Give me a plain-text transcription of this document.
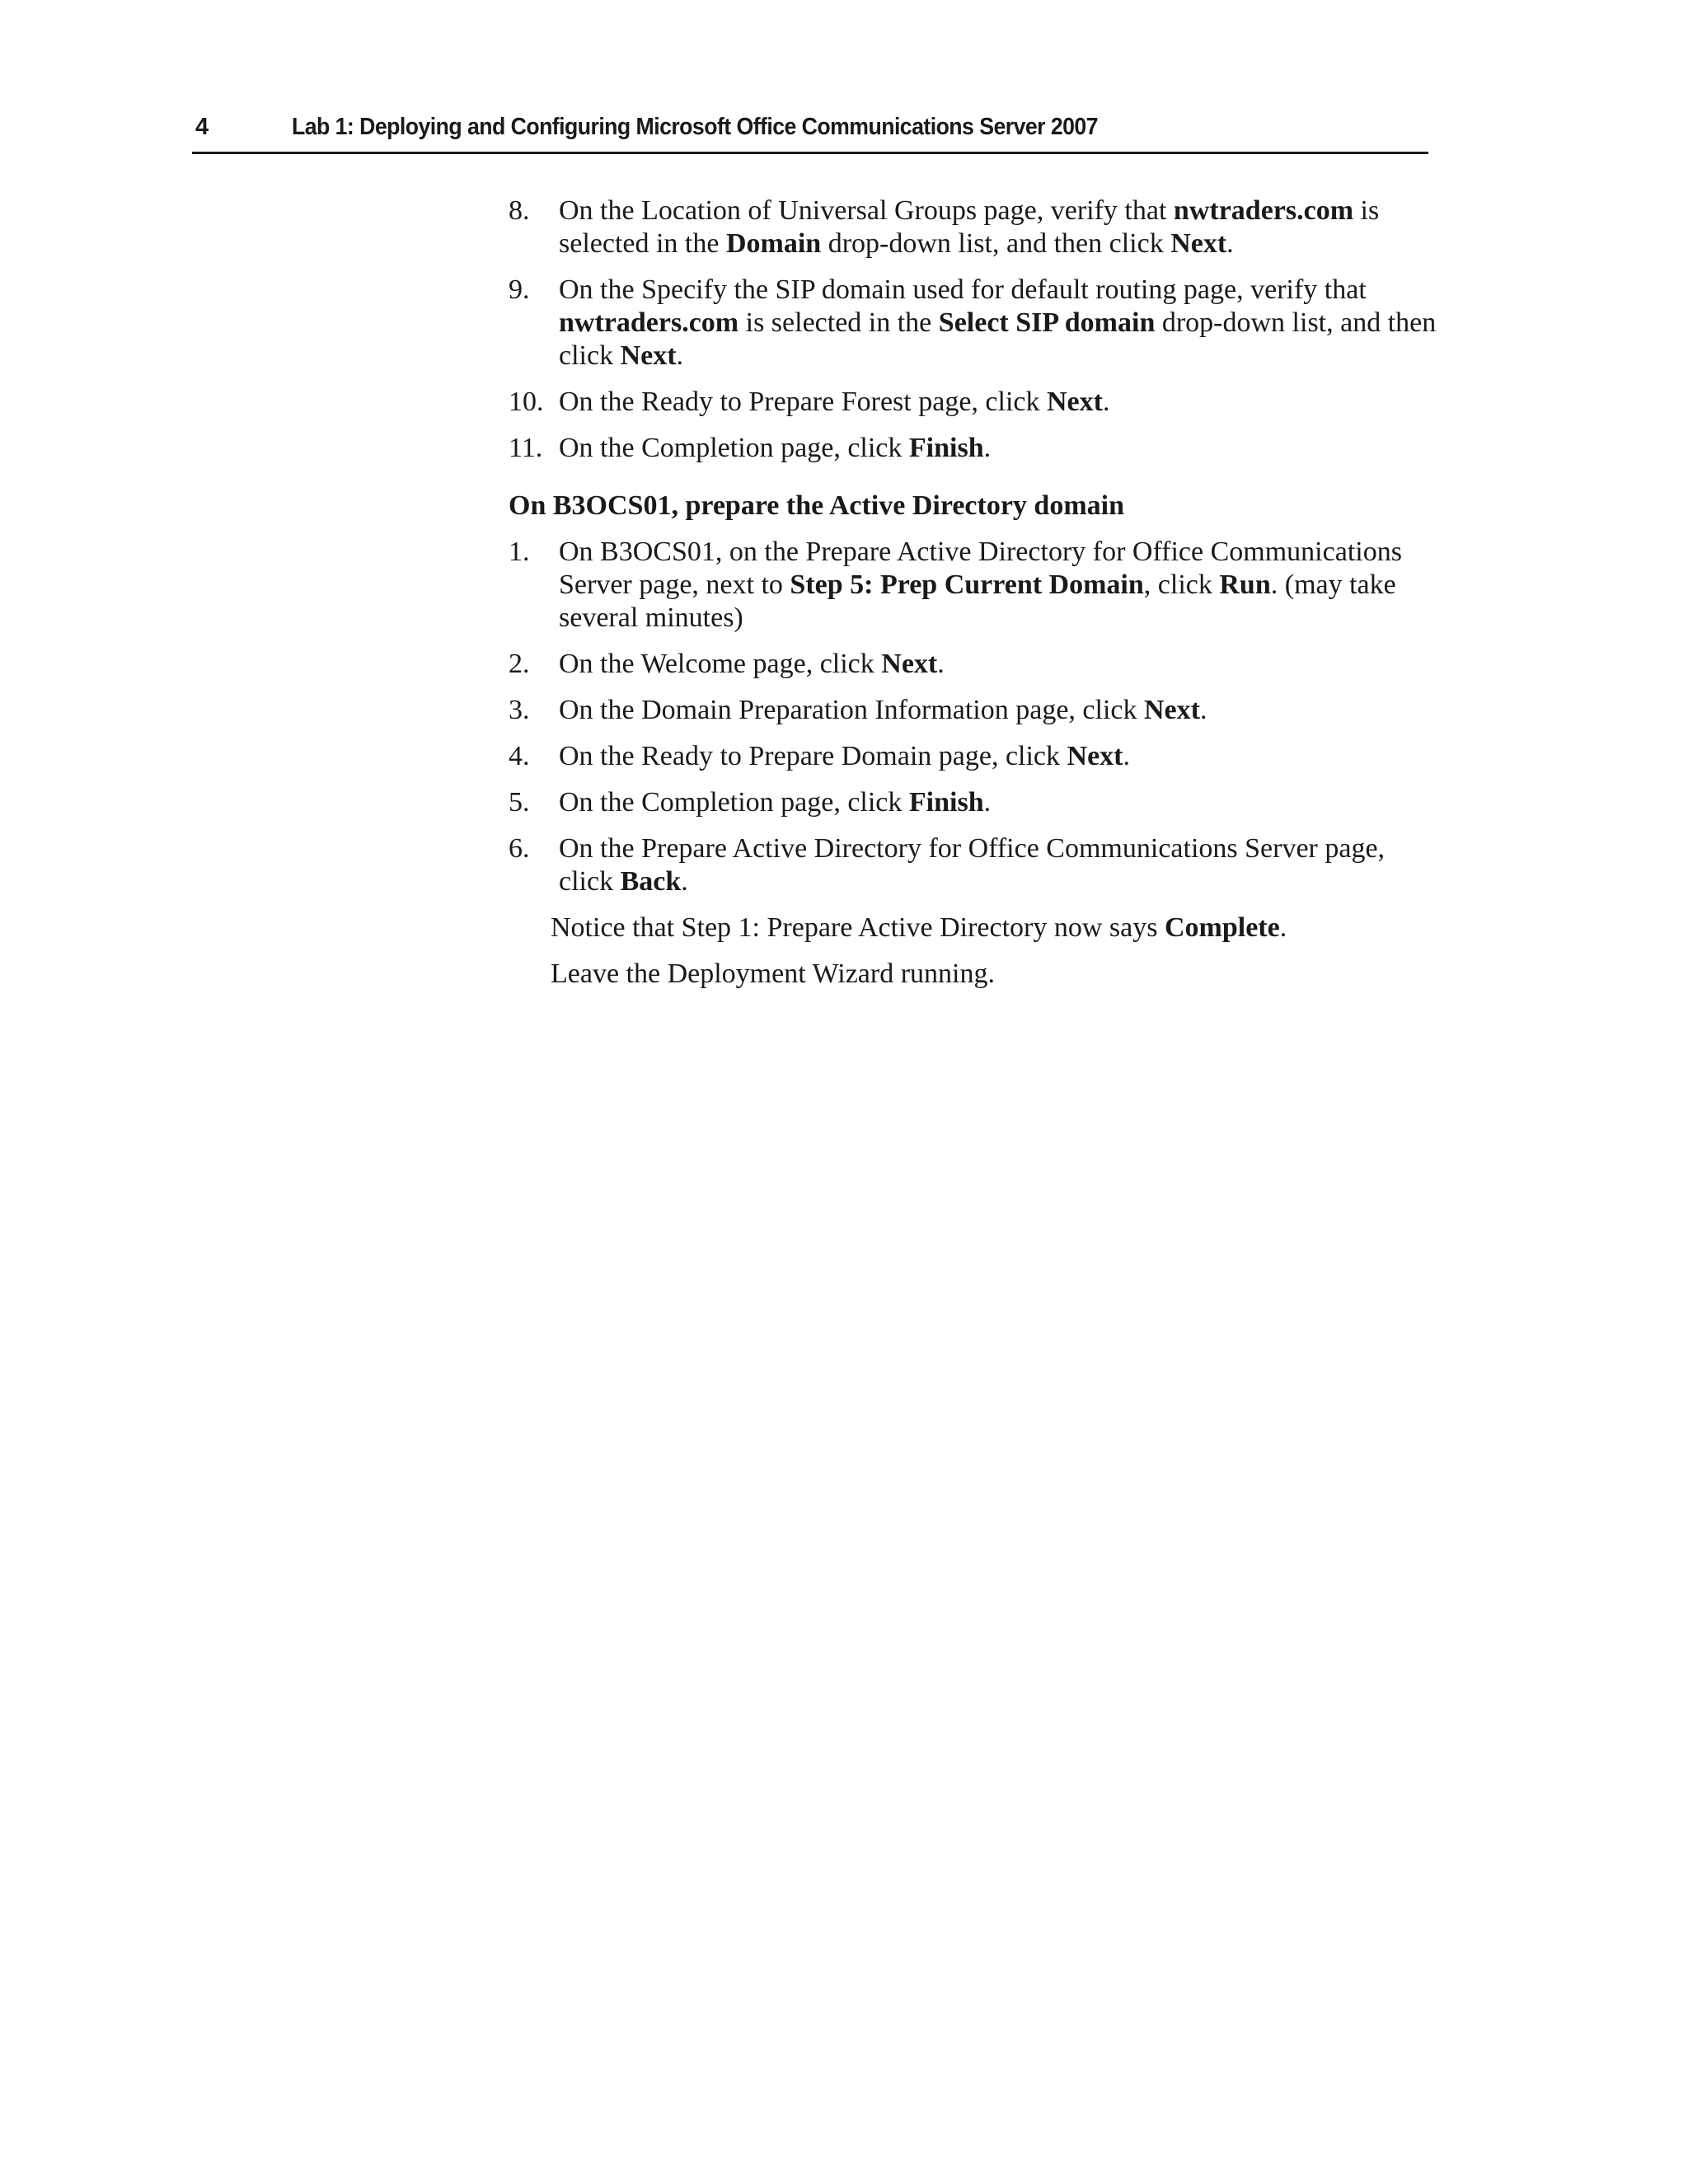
4	Lab 1: Deploying and Configuring Microsoft Office Communications Server 2007
8. On the Location of Universal Groups page, verify that nwtraders.com is selected in the Domain drop-down list, and then click Next.
9. On the Specify the SIP domain used for default routing page, verify that nwtraders.com is selected in the Select SIP domain drop-down list, and then click Next.
10. On the Ready to Prepare Forest page, click Next.
11. On the Completion page, click Finish.
On B3OCS01, prepare the Active Directory domain
1. On B3OCS01, on the Prepare Active Directory for Office Communications Server page, next to Step 5: Prep Current Domain, click Run. (may take several minutes)
2. On the Welcome page, click Next.
3. On the Domain Preparation Information page, click Next.
4. On the Ready to Prepare Domain page, click Next.
5. On the Completion page, click Finish.
6. On the Prepare Active Directory for Office Communications Server page, click Back.
Notice that Step 1: Prepare Active Directory now says Complete.
Leave the Deployment Wizard running.
